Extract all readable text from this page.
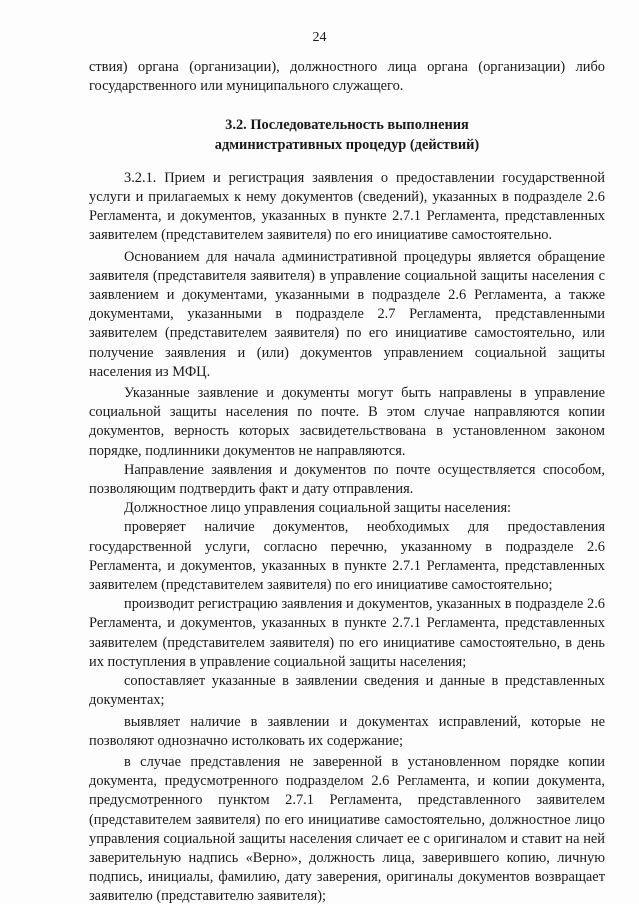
24

ствия) органа (организации), должностного лица органа (организации) либо государственного или муниципального служащего.

3.2. Последовательность выполнения
административных процедур (действий)

3.2.1. Прием и регистрация заявления о предоставлении государственной услуги и прилагаемых к нему документов (сведений), указанных в подразделе 2.6 Регламента, и документов, указанных в пункте 2.7.1 Регламента, представленных заявителем (представителем заявителя) по его инициативе самостоятельно.

Основанием для начала административной процедуры является обращение заявителя (представителя заявителя) в управление социальной защиты населения с заявлением и документами, указанными в подразделе 2.6 Регламента, а также документами, указанными в подразделе 2.7 Регламента, представленными заявителем (представителем заявителя) по его инициативе самостоятельно, или получение заявления и (или) документов управлением социальной защиты населения из МФЦ.

Указанные заявление и документы могут быть направлены в управление социальной защиты населения по почте. В этом случае направляются копии документов, верность которых засвидетельствована в установленном законом порядке, подлинники документов не направляются.

Направление заявления и документов по почте осуществляется способом, позволяющим подтвердить факт и дату отправления.

Должностное лицо управления социальной защиты населения:

проверяет наличие документов, необходимых для предоставления государственной услуги, согласно перечню, указанному в подразделе 2.6 Регламента, и документов, указанных в пункте 2.7.1 Регламента, представленных заявителем (представителем заявителя) по его инициативе самостоятельно;

производит регистрацию заявления и документов, указанных в подразделе 2.6 Регламента, и документов, указанных в пункте 2.7.1 Регламента, представленных заявителем (представителем заявителя) по его инициативе самостоятельно, в день их поступления в управление социальной защиты населения;

сопоставляет указанные в заявлении сведения и данные в представленных документах;

выявляет наличие в заявлении и документах исправлений, которые не позволяют однозначно истолковать их содержание;

в случае представления не заверенной в установленном порядке копии документа, предусмотренного подразделом 2.6 Регламента, и копии документа, предусмотренного пунктом 2.7.1 Регламента, представленного заявителем (представителем заявителя) по его инициативе самостоятельно, должностное лицо управления социальной защиты населения сличает ее с оригиналом и ставит на ней заверительную надпись «Верно», должность лица, заверившего копию, личную подпись, инициалы, фамилию, дату заверения, оригиналы документов возвращает заявителю (представителю заявителя);
